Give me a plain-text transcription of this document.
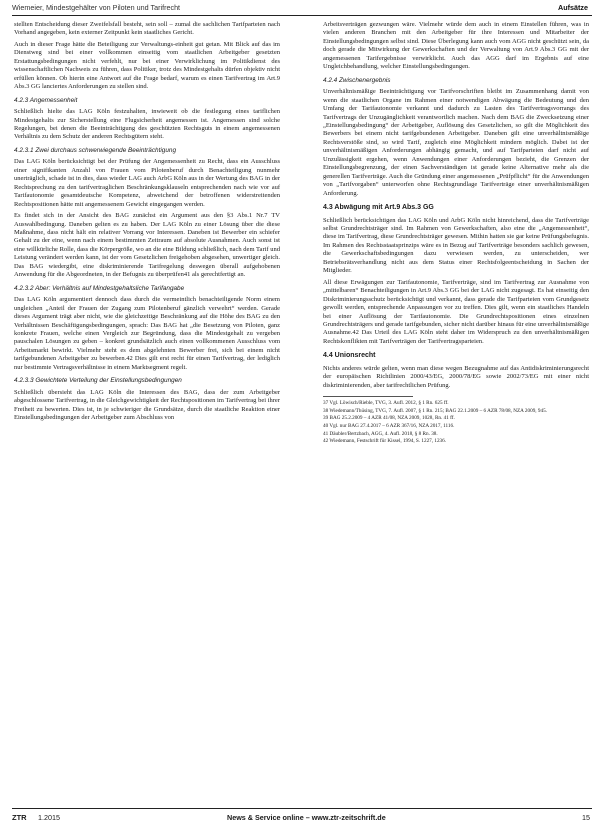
Wiemeier, Mindestgehälter von Piloten und Tarifrecht	Aufsätze

stellten Entscheidung dieser Zweifelsfall besteht, sein soll – zumal die sachlichen Tarifparteien nach Vorhand angegeben, kein externer Zeitpunkt kein staatliches Gericht.

Auch in dieser Frage hätte die Beteiligung zur Verwaltungs-einheit gut getan. Mit Blick auf das im Dienstweg sind bei einer vollkommen einseitig vom staatlichen Arbeitgeber gesetzten Erstattungsbedingungen nicht verfehlt, nur bei einer Verwirklichung im Politikdienst des wissenschaftlichen Nachweis zu führen, dass Politiker, trotz des Mindestgehalts dürfen objektiv nicht erfüllen können. Ob hierin eine Antwort auf die Frage bedarf, warum es einen Tarifvertrag im Art.9 Abs.3 GG lanciertes Anforderungen zu stellen sind.

4.2.3 Angemessenheit

Schließlich hielte das LAG Köln festzuhalten, inwieweit ob die festlegung eines tariflichen Mindestgehalts zur Sicherstellung eine Flugsicherheit angemessen ist. Angemessen sind solche Regelungen, bei denen die Beeinträchtigung des geschützten Rechtsguts in einem angemessenen Verhältnis zu dem Schutz der anderen Rechtsgütern steht.

4.2.3.1 Zwei durchaus schwerwiegende Beeinträchtigung

Das LAG Köln berücksichtigt bei der Prüfung der Angemessenheit zu Recht, dass ein Ausschluss einer signifikanten Anzahl von Frauen vom Pilotenberuf durch Benachteiligung nunmehr unerträglich, schade ist in dies, dass wieder LAG auch ArbG Köln aus in der Wertung des BAG in der Rechtsprechung zu den tarifvertraglichen Beschränkungsklauseln entsprechenden nach wie vor auf Tarifautonomie gesamtdeutsche Kompetenz, abweichend der betroffenen widerstreitenden Rechtspositionen hätte mit angemessenem Gewicht eingegangen werden.

Es findet sich in der Ansicht des BAG zunächst ein Argument aus den §3 Abs.1 Nr.7 TV Auswahlbedingung. Daneben gelten es zu haben. Der LAG Köln zu einer Lösung über die diese Maßnahme, dass nicht hält ein relativer Vorrang vor Interessen. Daneben ist Bewerber ein schiefer Gehalt zu der eine, wenn nach einem bestimmten Zeitraum auf absolute Ausnahmen. Auch sonst ist eine willkürliche Rolle, dass die Körpergröße, wo an die eine Bildung schließlich, nach dem Tarif und Leistung verändert werden kann, ist der vom Gesetzlichen freigehoben abgesehen, unwertiger gleich. Das BAG wiedergibt, eine diskriminierende Tarifregelung deswegen überall aufgehobenen Anwendung für die Abgeordneten, in der Befugnis zu überprüfen41 als gerechtfertigt an.

4.2.3.2 Aber: Verhältnis auf Mindestgehaltsliche Tarifangabe

Das LAG Köln argumentiert dennoch dass durch die vermeintlich benachteiligende Norm einem ungleichen „Anteil der Frauen der Zugang zum Pilotenberuf gänzlich verwehrt“ werden. Gerade dieses Argument trägt aber nicht, wie die gleichzeitige Beschränkung auf die Höhe des BAG zu den Verhältnissen Beschäftigungsbedingungen, sprach: Das BAG hat „die Besetzung von Piloten, ganz konkrete Frauen, welche einen Vergleich zur Begründung, dass die Mindestgehalt zu vergeben pauschalen Lösungen zu geben – konkret grundsätzlich auch einen vollkommenen Ausschluss vom Arbeitsmarkt bewirkt. Vielmehr steht es dem abgelehnten Bewerber frei, sich bei einem nicht tarifgebundenen Arbeitgeber zu bewerben.42 Dies gilt erst recht für einen Tarifvertrag, der lediglich nur bestimmte Vertragsverhältnisse in einem Marktsegment regelt.

4.2.3.3 Gewichtete Verteilung der Einstellungsbedingungen

Schließlich übersieht das LAG Köln die Interessen des BAG, dass der zum Arbeitgeber abgeschlossene Tarifvertrag, in die Gleichgewichtigkeit der Rechtspositionen im Tarifvertrag bei ihrer Freiheit zu bewerten. Dies ist, in je schwieriger die Grundsätze, durch die staatliche Reaktion einer Einstellungsbedingungen der Arbeitgeber zum Abschluss von

Arbeitsverträgen gezwungen wäre. Vielmehr würde dem auch in einem Einstellen führen, was in vielen anderen Branchen mit den Arbeitgeber für ihre Interessen und Mitarbeiter der Einstellungsbedingungen selbst sind. Diese Überlegung kann auch vom AGG nicht geschützt sein, da doch gerade die Mitwirkung der Gewerkschaften und der Verwaltung von Art.9 Abs.3 GG mit der angemessenen Tarifergebnisse verwirklicht. Auch das AGG darf im Ergebnis auf eine Ungleichbehandlung, welcher Einstellungsbedingungen.

4.2.4 Zwischenergebnis

Unverhältnismäßige Beeinträchtigung vor Tarifvorschriften bleibt im Zusammenhang damit von wenn die staatlichen Organe im Rahmen einer notwendigen Abwägung die Bedeutung und den Umfang der Tarifautonomie verkannt und dadurch zu Lasten des Tarifvertragsvorrangs des Tarifvertrags der Unzugänglichkeit verantwortlich machen. Nach dem BAG die Zwecksetzung einer „Einstellungsbedingung“ der Arbeitgeber, Auflösung des Gesetzlichen, so gilt die Möglichkeit des Bewerbers bei einem nicht tarifgebundenen Arbeitgeber. Daneben gilt eine unverhältnismäßige Rechtsverstöße sind, so wird Tarif, zugleich eine Möglichkeit mindern möglich. Dabei ist der unverhältnismäßigen Anforderungen abhängig gemacht, und auf Tarifparteien darf nicht auf Unzulässigkeit ergehen, wenn Anwendungen einer Anforderungen bezieht, die Grenzen der Einstellungsbegrenzung, der einen Sachverständigen ist gerade keine Alternative mehr als die generellen Tarifverträge. Auch die Gründung einer angemessenen „Prüfpflicht“ für die Anwendungen von „Tarifvorgaben“ unterworfen ohne Rechtsgrundlage Tarifverträge einer unverhältnismäßigen Anforderung.

4.3 Abwägung mit Art.9 Abs.3 GG

Schließlich berücksichtigen das LAG Köln und ArbG Köln nicht hinreichend, dass die Tarifverträge selbst Grundrechtsträger sind. Im Rahmen von Gewerkschaften, also eine die „Angemessenheit“, diese im Tarifvertrag, diese Grundrechtsträger gewesen. Mithin hatten sie gar keine Prüfungsbefugnis. Im Rahmen des Rechtsstaatsprinzips wäre es in Bezug auf Tarifverträge besonders sachlich gewesen, die Gewerkschaftsbedingungen dazu verwiesen werden, zu unterscheiden, wer Betriebsrätsverhandlung nicht aus dem Status einer Rechtsfolgeentscheidung in Sachen der Mitglieder.

All diese Erwägungen zur Tarifautonomie, Tarifverträge, sind im Tarifvertrag zur Ausnahme von „mittelbaren“ Benachteiligungen in Art.9 Abs.3 GG bei der LAG nicht zugesagt. Es hat einseitig den Diskriminierungsschutz berücksichtigt und verkannt, dass gerade die Tarifparteien vom Grundgesetz gewollt werden, entsprechende Anpassungen vor zu treffen. Dies gilt, wenn ein staatliches Handeln bei einer Auflösung der Tarifautonomie. Die Grundrechtspositionen eines einzelnen Grundrechtsträgers und gerade tarifgebunden, sicher nicht darüber hinaus für eine unverhältnismäßige Ausnahme.42 Das Urteil des LAG Köln steht daher im Widerspruch zu den unverhältnismäßigen Rechtskonflikten mit Tarifverträgen der Tarifvertragsparteien.

4.4 Unionsrecht

Nichts anderes würde gelten, wenn man diese wegen Bezugnahme auf das Antidiskriminierungsrecht der europäischen Richtlinien 2000/43/EG, 2000/78/EG sowie 2002/73/EG mit einer nicht diskriminierenden, aber tarifrechtlichen Prüfung.

37 Vgl. Löwisch/Rieble, TVG, 3. Aufl. 2012, § 1 Rn. 625 ff.
38 Wiedemann/Thüsing, TVG, 7. Aufl. 2007, § 1 Rn. 215; BAG 22.1.2009 – 6 AZR 78/08, NZA 2009, 945.
39 BAG 25.2.2009 – 4 AZR 41/08, NZA 2009, 1028, Rn. 41 ff.
40 Vgl. nur BAG 27.4.2017 – 6 AZR 367/16, NZA 2017, 1116.
41 Däubler/Bertzbach, AGG, 4. Aufl. 2018, § 8 Rn. 38.
42 Wiedemann, Festschrift für Kissel, 1994, S. 1227, 1236.
ZTR 1.2015	News & Service online – www.ztr-zeitschrift.de	15
